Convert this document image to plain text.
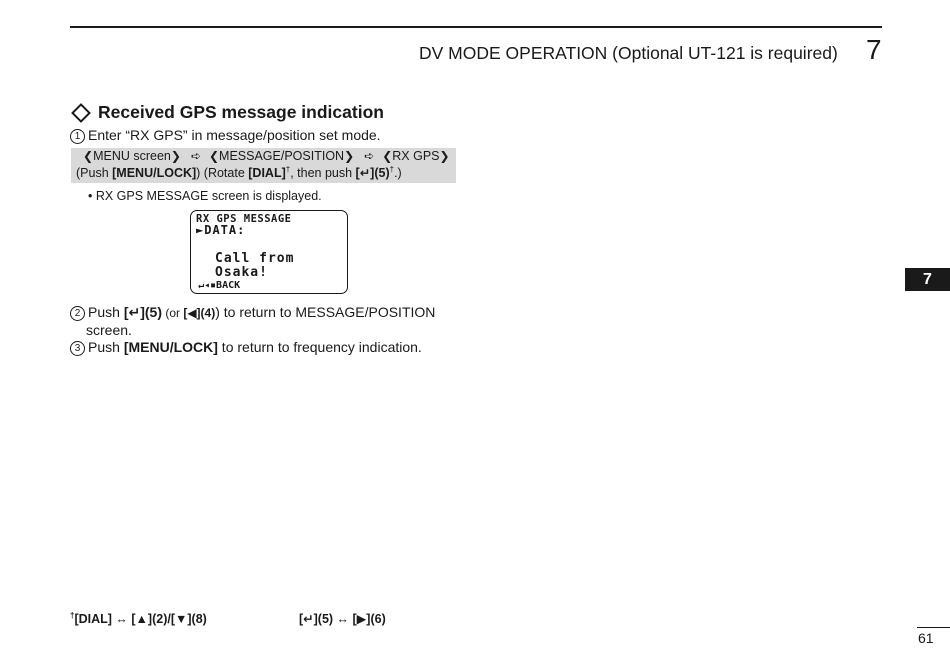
DV MODE OPERATION (Optional UT-121 is required) 7
Received GPS message indication
1 Enter “RX GPS” in message/position set mode.
❮MENU screen❯ ➪ ❮MESSAGE/POSITION❯ ➪ ❮RX GPS❯
(Push [MENU/LOCK]) (Rotate [DIAL]†, then push [↵](5)†.)
• RX GPS MESSAGE screen is displayed.
RX GPS MESSAGE
►DATA:
Call from
Osaka!
↵◂▪BACK
2 Push [↵](5) (or [◀](4)) to return to MESSAGE/POSITION
screen.
3 Push [MENU/LOCK] to return to frequency indication.
†[DIAL] ↔ [▲](2)/[▼](8)	[↵](5) ↔ [▶](6)
7
61
